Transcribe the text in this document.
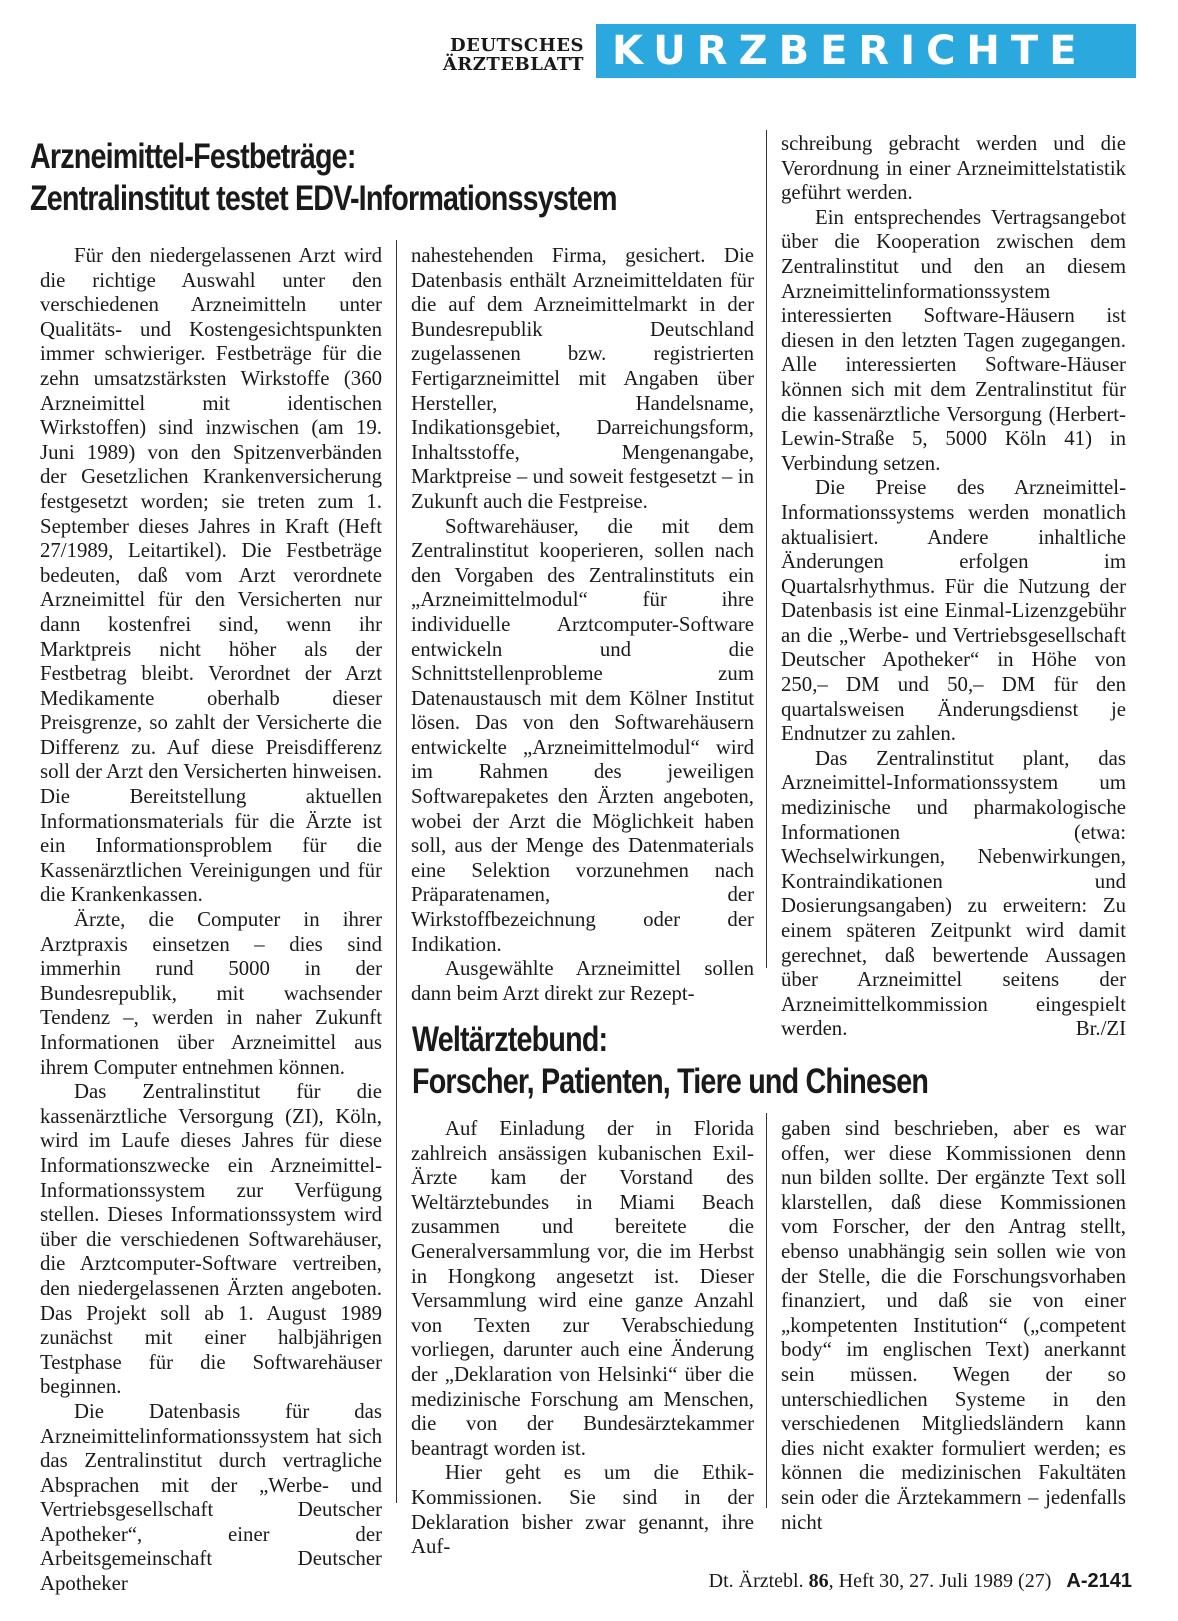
DEUTSCHES
ÄRZTEBLATT KURZBERICHTE
Arzneimittel-Festbeträge:
Zentralinstitut testet EDV-Informationssystem

Für den niedergelassenen Arzt wird die richtige Auswahl unter den verschiedenen Arzneimitteln unter Qualitäts- und Kostengesichtspunkten immer schwieriger. Festbeträge für die zehn umsatzstärksten Wirkstoffe (360 Arzneimittel mit identischen Wirkstoffen) sind inzwischen (am 19. Juni 1989) von den Spitzenverbänden der Gesetzlichen Krankenversicherung festgesetzt worden; sie treten zum 1. September dieses Jahres in Kraft (Heft 27/1989, Leitartikel). Die Festbeträge bedeuten, daß vom Arzt verordnete Arzneimittel für den Versicherten nur dann kostenfrei sind, wenn ihr Marktpreis nicht höher als der Festbetrag bleibt. Verordnet der Arzt Medikamente oberhalb dieser Preisgrenze, so zahlt der Versicherte die Differenz zu. Auf diese Preisdifferenz soll der Arzt den Versicherten hinweisen. Die Bereitstellung aktuellen Informationsmaterials für die Ärzte ist ein Informationsproblem für die Kassenärztlichen Vereinigungen und für die Krankenkassen.

Ärzte, die Computer in ihrer Arztpraxis einsetzen – dies sind immerhin rund 5000 in der Bundesrepublik, mit wachsender Tendenz –, werden in naher Zukunft Informationen über Arzneimittel aus ihrem Computer entnehmen können.

Das Zentralinstitut für die kassenärztliche Versorgung (ZI), Köln, wird im Laufe dieses Jahres für diese Informationszwecke ein Arzneimittel-Informationssystem zur Verfügung stellen. Dieses Informationssystem wird über die verschiedenen Softwarehäuser, die Arztcomputer-Software vertreiben, den niedergelassenen Ärzten angeboten. Das Projekt soll ab 1. August 1989 zunächst mit einer halbjährigen Testphase für die Softwarehäuser beginnen.

Die Datenbasis für das Arzneimittelinformationssystem hat sich das Zentralinstitut durch vertragliche Absprachen mit der „Werbe- und Vertriebsgesellschaft Deutscher Apotheker“, einer der Arbeitsgemeinschaft Deutscher Apotheker

nahestehenden Firma, gesichert. Die Datenbasis enthält Arzneimitteldaten für die auf dem Arzneimittelmarkt in der Bundesrepublik Deutschland zugelassenen bzw. registrierten Fertigarzneimittel mit Angaben über Hersteller, Handelsname, Indikationsgebiet, Darreichungsform, Inhaltsstoffe, Mengenangabe, Marktpreise – und soweit festgesetzt – in Zukunft auch die Festpreise.

Softwarehäuser, die mit dem Zentralinstitut kooperieren, sollen nach den Vorgaben des Zentralinstituts ein „Arzneimittelmodul“ für ihre individuelle Arztcomputer-Software entwickeln und die Schnittstellenprobleme zum Datenaustausch mit dem Kölner Institut lösen. Das von den Softwarehäusern entwickelte „Arzneimittelmodul“ wird im Rahmen des jeweiligen Softwarepaketes den Ärzten angeboten, wobei der Arzt die Möglichkeit haben soll, aus der Menge des Datenmaterials eine Selektion vorzunehmen nach Präparatenamen, der Wirkstoffbezeichnung oder der Indikation.

Ausgewählte Arzneimittel sollen dann beim Arzt direkt zur Rezept-

schreibung gebracht werden und die Verordnung in einer Arzneimittelstatistik geführt werden.

Ein entsprechendes Vertragsangebot über die Kooperation zwischen dem Zentralinstitut und den an diesem Arzneimittelinformationssystem interessierten Software-Häusern ist diesen in den letzten Tagen zugegangen. Alle interessierten Software-Häuser können sich mit dem Zentralinstitut für die kassenärztliche Versorgung (Herbert-Lewin-Straße 5, 5000 Köln 41) in Verbindung setzen.

Die Preise des Arzneimittel-Informationssystems werden monatlich aktualisiert. Andere inhaltliche Änderungen erfolgen im Quartalsrhythmus. Für die Nutzung der Datenbasis ist eine Einmal-Lizenzgebühr an die „Werbe- und Vertriebsgesellschaft Deutscher Apotheker“ in Höhe von 250,– DM und 50,– DM für den quartalsweisen Änderungsdienst je Endnutzer zu zahlen.

Das Zentralinstitut plant, das Arzneimittel-Informationssystem um medizinische und pharmakologische Informationen (etwa: Wechselwirkungen, Nebenwirkungen, Kontraindikationen und Dosierungsangaben) zu erweitern: Zu einem späteren Zeitpunkt wird damit gerechnet, daß bewertende Aussagen über Arzneimittel seitens der Arzneimittelkommission eingespielt werden.	Br./ZI

Weltärztebund:
Forscher, Patienten, Tiere und Chinesen

Auf Einladung der in Florida zahlreich ansässigen kubanischen Exil-Ärzte kam der Vorstand des Weltärztebundes in Miami Beach zusammen und bereitete die Generalversammlung vor, die im Herbst in Hongkong angesetzt ist. Dieser Versammlung wird eine ganze Anzahl von Texten zur Verabschiedung vorliegen, darunter auch eine Änderung der „Deklaration von Helsinki“ über die medizinische Forschung am Menschen, die von der Bundesärztekammer beantragt worden ist.

Hier geht es um die Ethik-Kommissionen. Sie sind in der Deklaration bisher zwar genannt, ihre Auf-

gaben sind beschrieben, aber es war offen, wer diese Kommissionen denn nun bilden sollte. Der ergänzte Text soll klarstellen, daß diese Kommissionen vom Forscher, der den Antrag stellt, ebenso unabhängig sein sollen wie von der Stelle, die die Forschungsvorhaben finanziert, und daß sie von einer „kompetenten Institution“ („competent body“ im englischen Text) anerkannt sein müssen. Wegen der so unterschiedlichen Systeme in den verschiedenen Mitgliedsländern kann dies nicht exakter formuliert werden; es können die medizinischen Fakultäten sein oder die Ärztekammern – jedenfalls nicht

Dt. Ärztebl. 86, Heft 30, 27. Juli 1989 (27) A-2141
